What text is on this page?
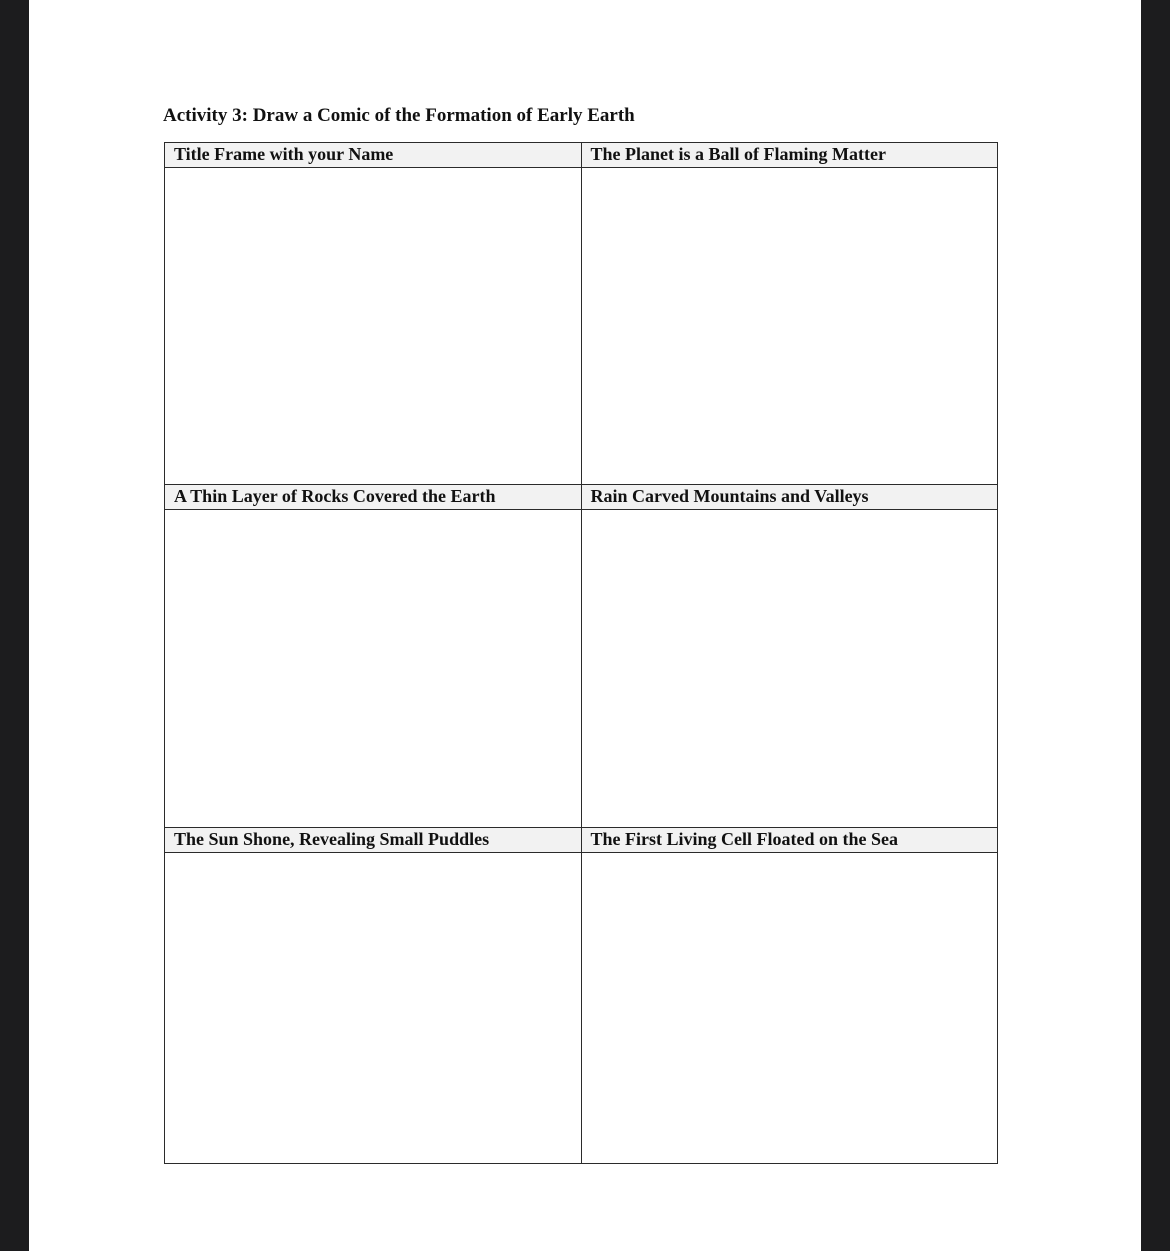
Activity 3: Draw a Comic of the Formation of Early Earth
Title Frame with your Name	The Planet is a Ball of Flaming Matter

A Thin Layer of Rocks Covered the Earth	Rain Carved Mountains and Valleys

The Sun Shone, Revealing Small Puddles	The First Living Cell Floated on the Sea
